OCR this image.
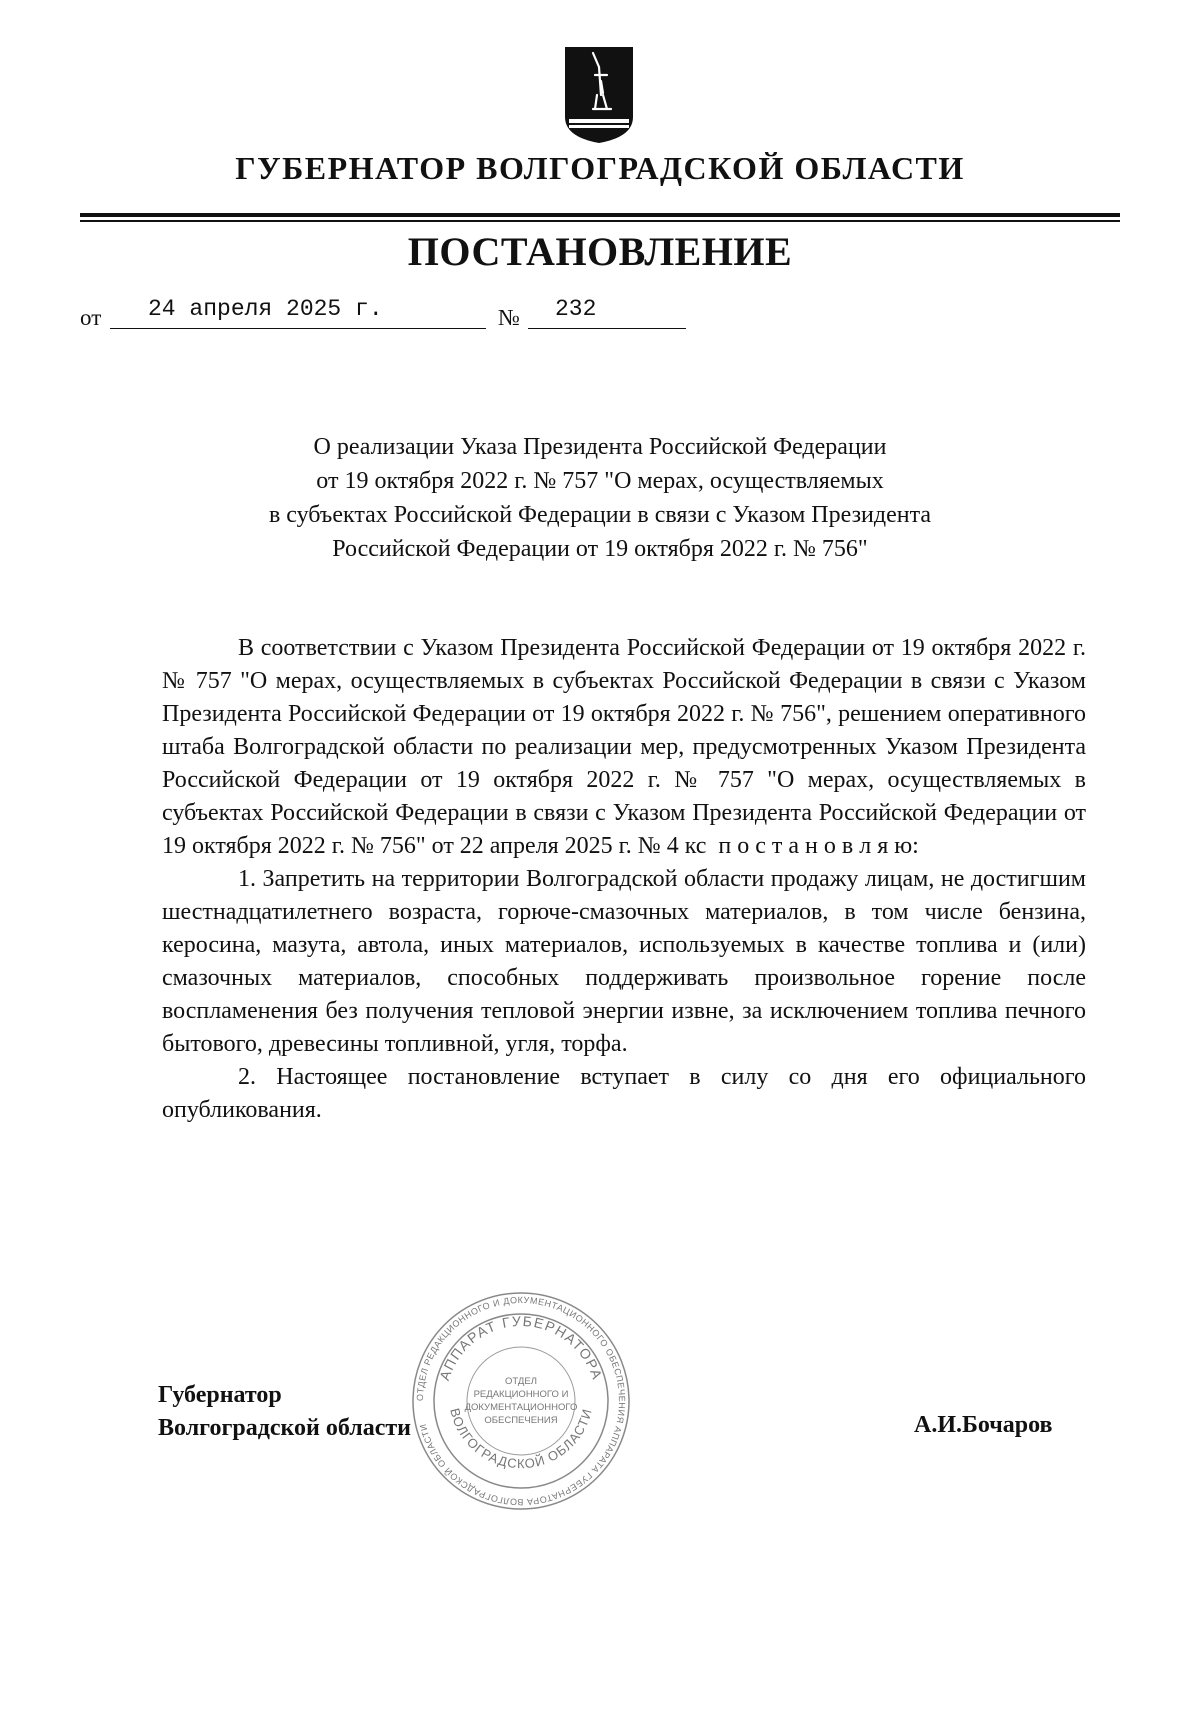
ГУБЕРНАТОР ВОЛГОГРАДСКОЙ ОБЛАСТИ
ПОСТАНОВЛЕНИЕ
от 24 апреля 2025 г.	№ 232
О реализации Указа Президента Российской Федерации
от 19 октября 2022 г. № 757 "О мерах, осуществляемых
в субъектах Российской Федерации в связи с Указом Президента
Российской Федерации от 19 октября 2022 г. № 756"

В соответствии с Указом Президента Российской Федерации от 19 октября 2022 г. № 757 "О мерах, осуществляемых в субъектах Российской Федерации в связи с Указом Президента Российской Федерации от 19 октября 2022 г. № 756", решением оперативного штаба Волгоградской области по реализации мер, предусмотренных Указом Президента Российской Федерации от 19 октября 2022 г. № 757 "О мерах, осуществляемых в субъектах Российской Федерации в связи с Указом Президента Российской Федерации от 19 октября 2022 г. № 756" от 22 апреля 2025 г. № 4 кс п о с т а н о в л я ю:

1. Запретить на территории Волгоградской области продажу лицам, не достигшим шестнадцатилетнего возраста, горюче-смазочных материалов, в том числе бензина, керосина, мазута, автола, иных материалов, используемых в качестве топлива и (или) смазочных материалов, способных поддерживать произвольное горение после воспламенения без получения тепловой энергии извне, за исключением топлива печного бытового, древесины топливной, угля, торфа.

2. Настоящее постановление вступает в силу со дня его официального опубликования.

ОТДЕЛ РЕДАКЦИОННОГО И ДОКУМЕНТАЦИОННОГО ОБЕСПЕЧЕНИЯ АППАРАТА ГУБЕРНАТОРА ВОЛГОГРАДСКОЙ ОБЛАСТИ
АППАРАТ ГУБЕРНАТОРА
ВОЛГОГРАДСКОЙ ОБЛАСТИ
ОТДЕЛ
РЕДАКЦИОННОГО И
ДОКУМЕНТАЦИОННОГО
ОБЕСПЕЧЕНИЯ
Губернатор
Волгоградской области	А.И.Бочаров
